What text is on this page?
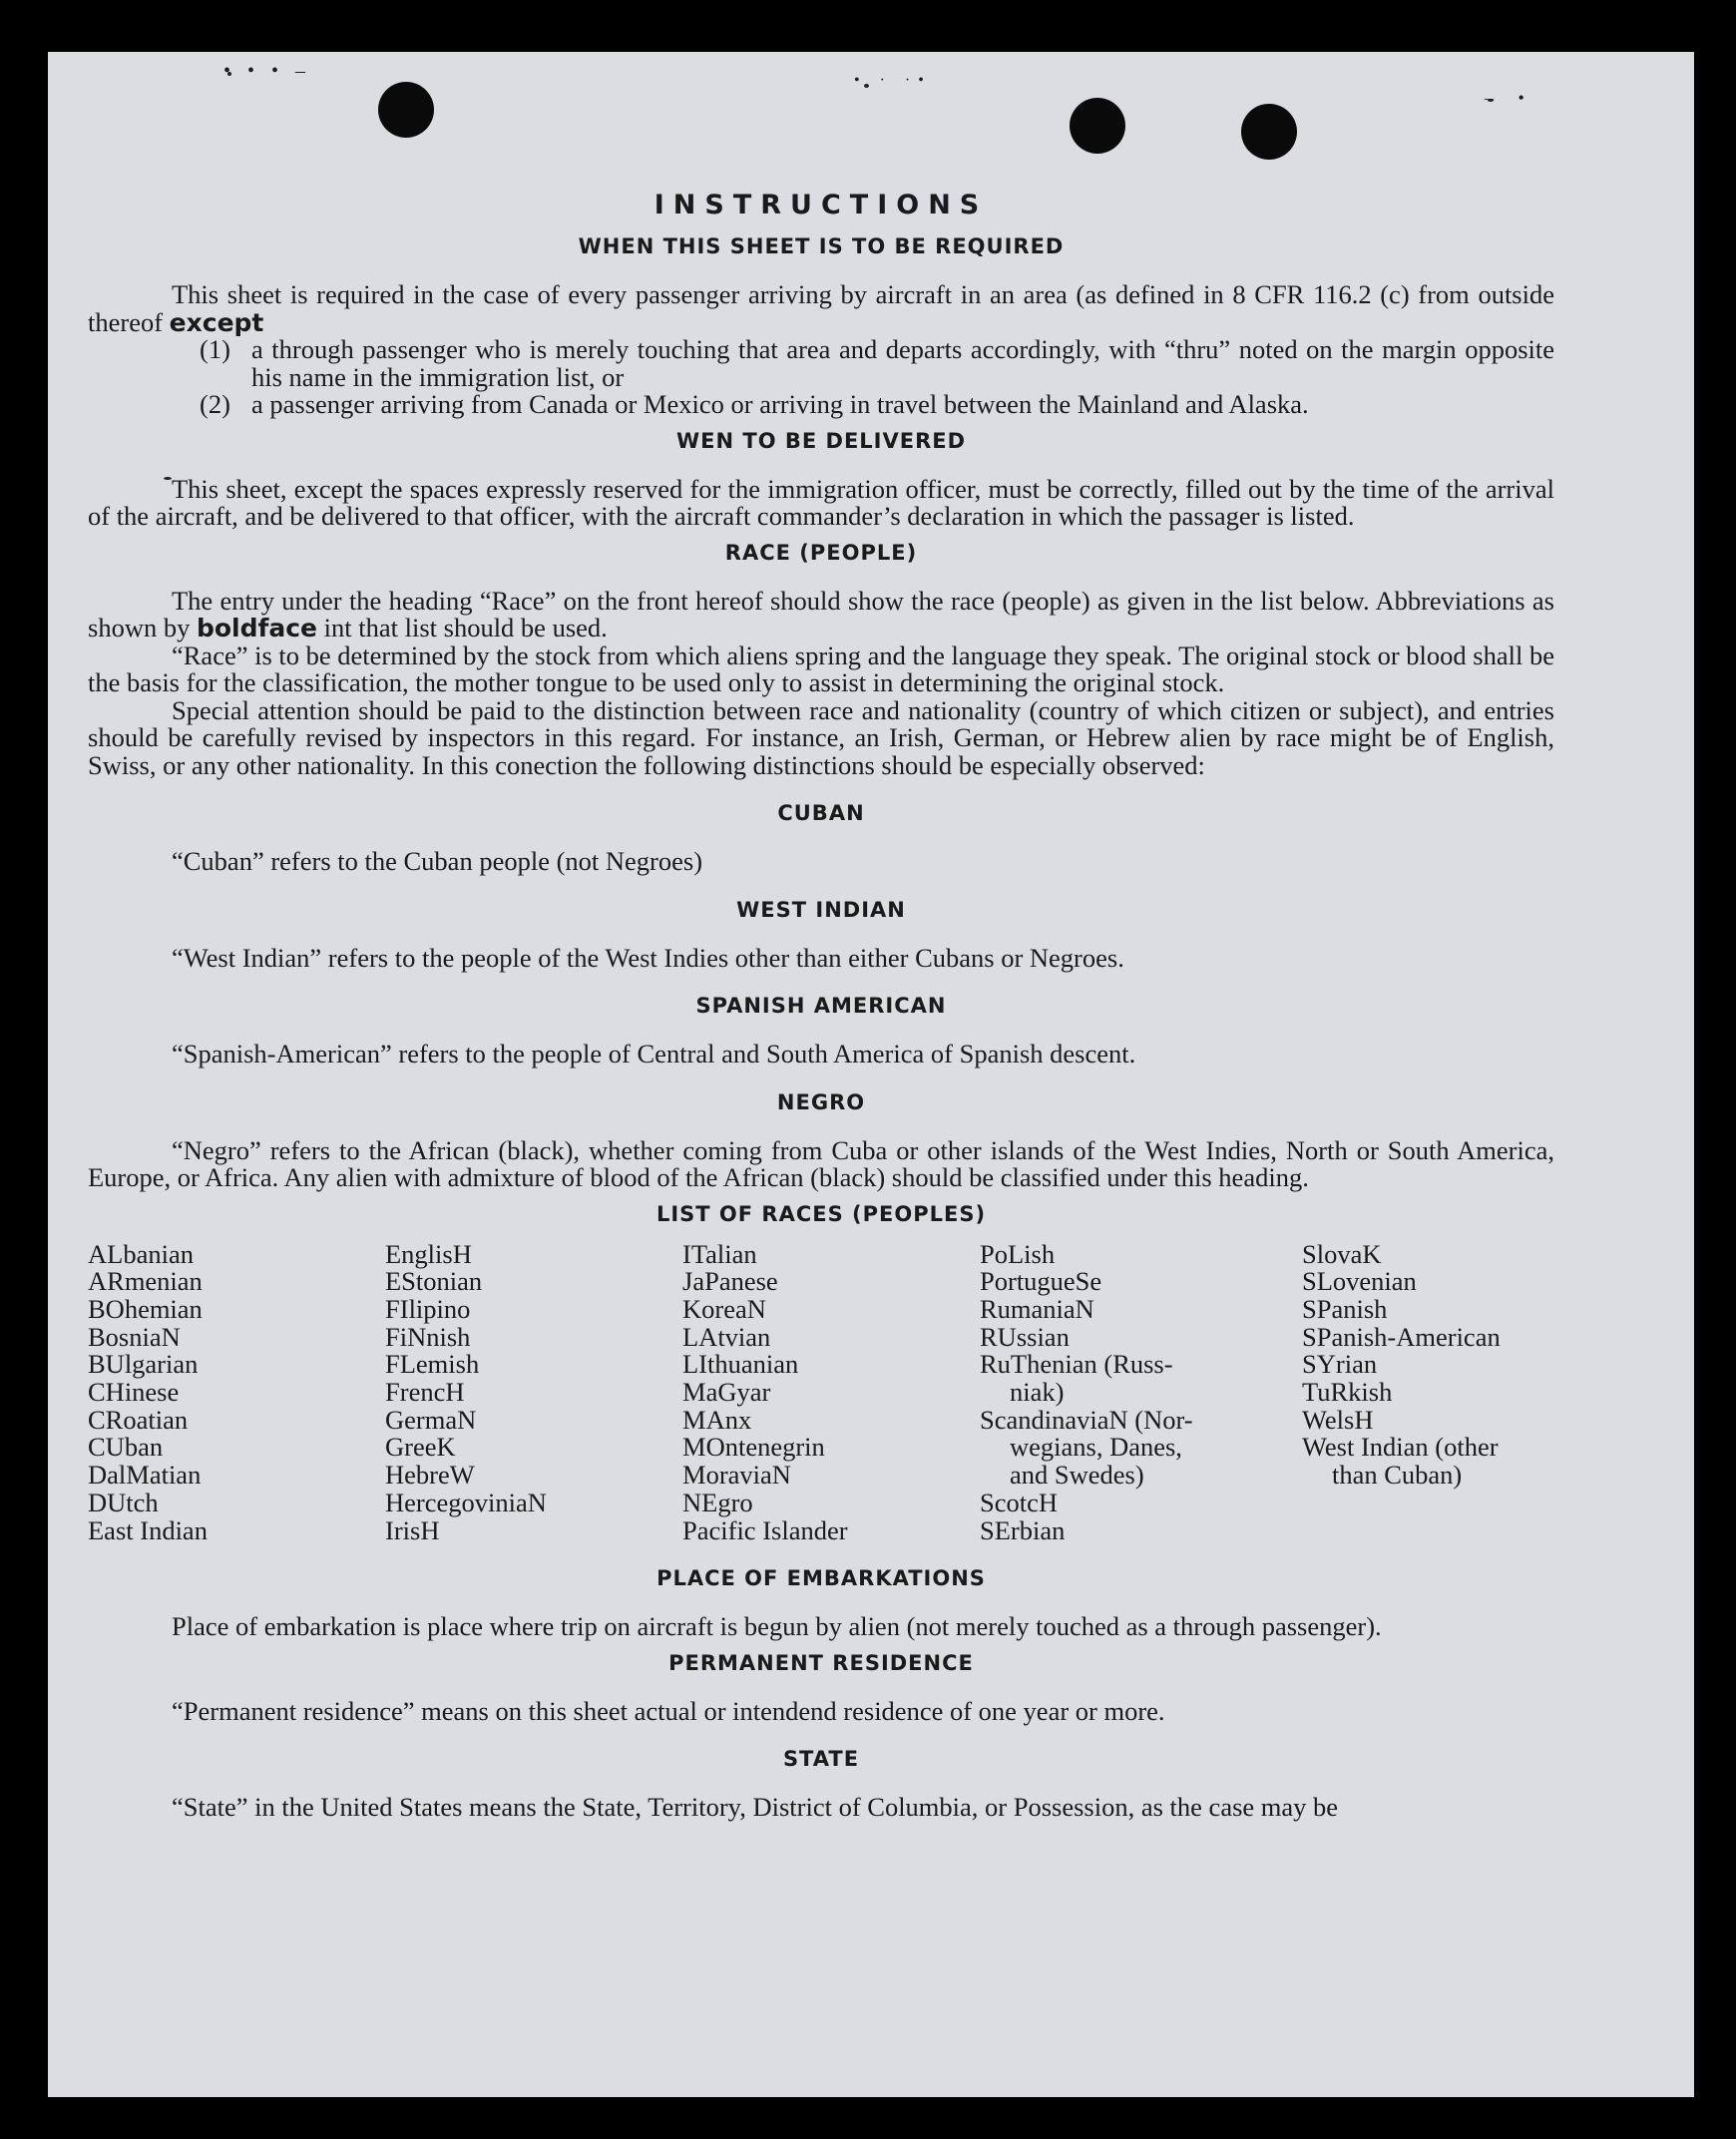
INSTRUCTIONS
WHEN THIS SHEET IS TO BE REQUIRED

This sheet is required in the case of every passenger arriving by aircraft in an area (as defined in 8 CFR 116.2 (c) from outside thereof except

(1) a through passenger who is merely touching that area and departs accordingly, with “thru” noted on the margin opposite his name in the immigration list, or
(2) a passenger arriving from Canada or Mexico or arriving in travel between the Mainland and Alaska.
WEN TO BE DELIVERED

This sheet, except the spaces expressly reserved for the immigration officer, must be correctly, filled out by the time of the arrival of the aircraft, and be delivered to that officer, with the aircraft commander’s declaration in which the passager is listed.

RACE (PEOPLE)

The entry under the heading “Race” on the front hereof should show the race (people) as given in the list below. Abbreviations as shown by boldface int that list should be used.

“Race” is to be determined by the stock from which aliens spring and the language they speak. The original stock or blood shall be the basis for the classification, the mother tongue to be used only to assist in determining the original stock.

Special attention should be paid to the distinction between race and nationality (country of which citizen or subject), and entries should be carefully revised by inspectors in this regard. For instance, an Irish, German, or Hebrew alien by race might be of English, Swiss, or any other nationality. In this conection the following distinctions should be especially observed:

CUBAN

“Cuban” refers to the Cuban people (not Negroes)

WEST INDIAN

“West Indian” refers to the people of the West Indies other than either Cubans or Negroes.

SPANISH AMERICAN

“Spanish-American” refers to the people of Central and South America of Spanish descent.

NEGRO

“Negro” refers to the African (black), whether coming from Cuba or other islands of the West Indies, North or South America, Europe, or Africa. Any alien with admixture of blood of the African (black) should be classified under this heading.

LIST OF RACES (PEOPLES)
ALbanian
ARmenian
BOhemian
BosniaN
BUlgarian
CHinese
CRoatian
CUban
DalMatian
DUtch
East Indian
EnglisH
EStonian
FIlipino
FiNnish
FLemish
FrencH
GermaN
GreeK
HebreW
HercegoviniaN
IrisH
ITalian
JaPanese
KoreaN
LAtvian
LIthuanian
MaGyar
MAnx
MOntenegrin
MoraviaN
NEgro
Pacific Islander
PoLish
PortugueSe
RumaniaN
RUssian
RuThenian (Russ-
niak)
ScandinaviaN (Nor-
wegians, Danes,
and Swedes)
ScotcH
SErbian
SlovaK
SLovenian
SPanish
SPanish-American
SYrian
TuRkish
WelsH
West Indian (other
than Cuban)
PLACE OF EMBARKATIONS

Place of embarkation is place where trip on aircraft is begun by alien (not merely touched as a through passenger).

PERMANENT RESIDENCE

“Permanent residence” means on this sheet actual or intendend residence of one year or more.

STATE

“State” in the United States means the State, Territory, District of Columbia, or Possession, as the case may be

• • • –	• · ·•
– •
